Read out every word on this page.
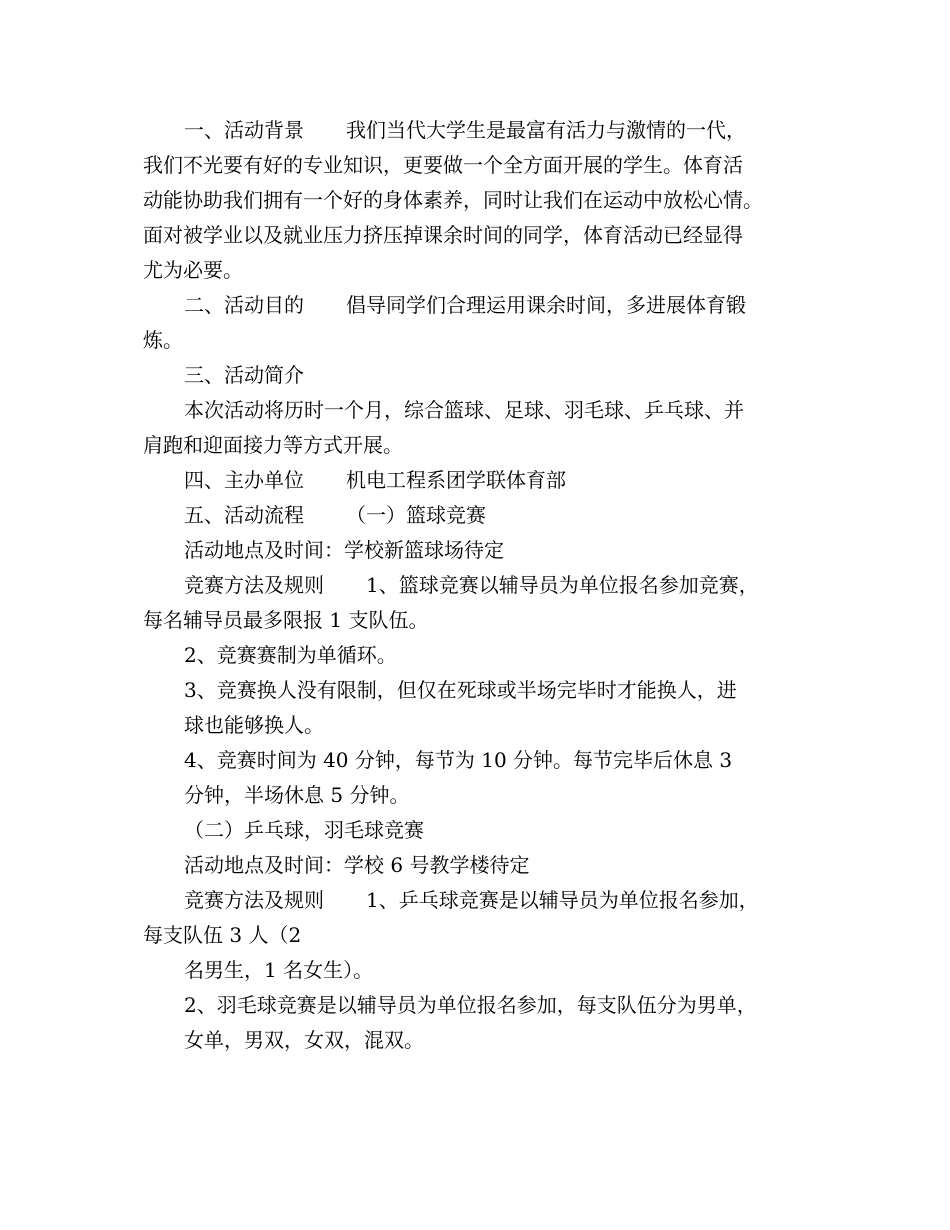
一、活动背景 我们当代大学生是最富有活力与激情的一代，
我们不光要有好的专业知识，更要做一个全方面开展的学生。体育活
动能协助我们拥有一个好的身体素养，同时让我们在运动中放松心情。
面对被学业以及就业压力挤压掉课余时间的同学，体育活动已经显得
尤为必要。
二、活动目的 倡导同学们合理运用课余时间，多进展体育锻
炼。
三、活动简介
本次活动将历时一个月，综合篮球、足球、羽毛球、乒乓球、并
肩跑和迎面接力等方式开展。
四、主办单位 机电工程系团学联体育部
五、活动流程 （一）篮球竞赛
活动地点及时间：学校新篮球场待定
竞赛方法及规则 1、篮球竞赛以辅导员为单位报名参加竞赛，
每名辅导员最多限报 1 支队伍。
2、竞赛赛制为单循环。
3、竞赛换人没有限制，但仅在死球或半场完毕时才能换人，进
球也能够换人。
4、竞赛时间为 40 分钟，每节为 10 分钟。每节完毕后休息 3
分钟，半场休息 5 分钟。
（二）乒乓球，羽毛球竞赛
活动地点及时间：学校 6 号教学楼待定
竞赛方法及规则 1、乒乓球竞赛是以辅导员为单位报名参加，
每支队伍 3 人（2
名男生，1 名女生）。
2、羽毛球竞赛是以辅导员为单位报名参加，每支队伍分为男单，
女单，男双，女双，混双。
